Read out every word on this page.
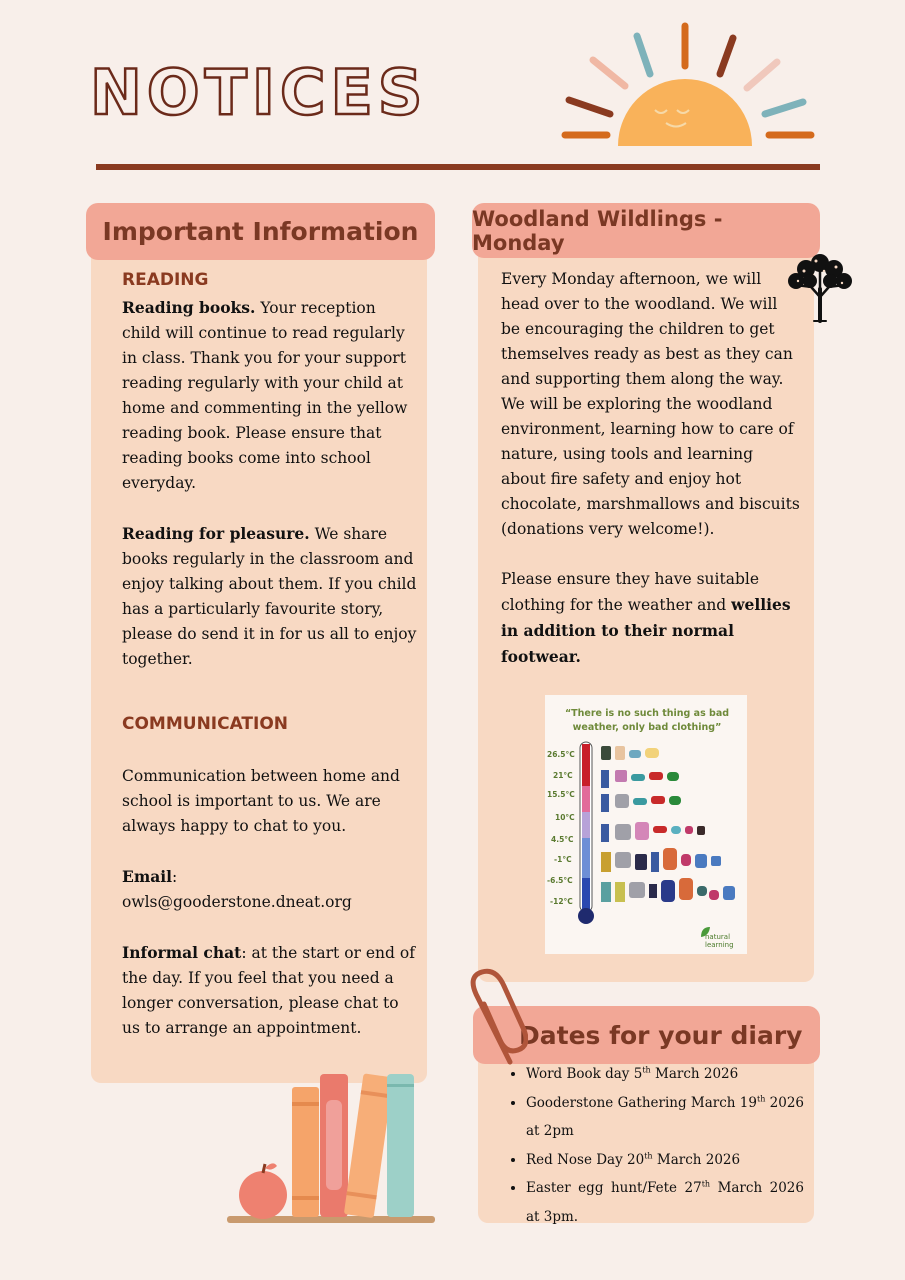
NOTICES
Important Information
READING

Reading books. Your reception child will continue to read regularly in class. Thank you for your support reading regularly with your child at home and commenting in the yellow reading book. Please ensure that reading books come into school everyday.

Reading for pleasure. We share books regularly in the classroom and enjoy talking about them. If you child has a particularly favourite story, please do send it in for us all to enjoy together.

COMMUNICATION

Communication between home and school is important to us. We are always happy to chat to you.

Email:

owls@gooderstone.dneat.org

Informal chat: at the start or end of the day. If you feel that you need a longer conversation, please chat to us to arrange an appointment.

Woodland Wildlings - Monday

Every Monday afternoon, we will head over to the woodland. We will be encouraging the children to get themselves ready as best as they can and supporting them along the way. We will be exploring the woodland environment, learning how to care of nature, using tools and learning about fire safety and enjoy hot chocolate, marshmallows and biscuits (donations very welcome!).

Please ensure they have suitable clothing for the weather and wellies in addition to their normal footwear.

“There is no such thing as bad weather, only bad clothing”
26.5°C
21°C
15.5°C
10°C
4.5°C
-1°C
-6.5°C
-12°C
natural
learning
Dates for your diary
• Word Book day 5th March 2026
• Gooderstone Gathering March 19th 2026 at 2pm
• Red Nose Day 20th March 2026
• Easter egg hunt/Fete 27th March 2026 at 3pm.
